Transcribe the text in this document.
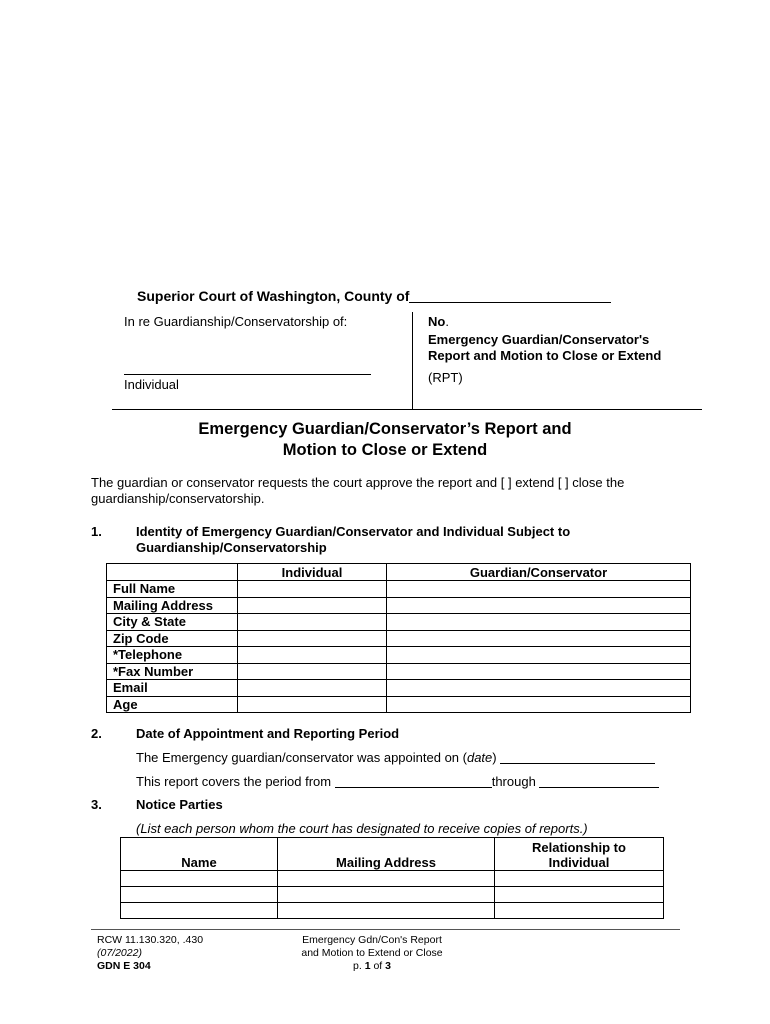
Superior Court of Washington, County of
In re Guardianship/Conservatorship of:
Individual
No.
Emergency Guardian/Conservator's Report and Motion to Close or Extend
(RPT)
Emergency Guardian/Conservator’s Report and
Motion to Close or Extend
The guardian or conservator requests the court approve the report and [ ] extend [ ] close the
guardianship/conservatorship.
1.	Identity of Emergency Guardian/Conservator and Individual Subject to
Guardianship/Conservatorship
	Individual	Guardian/Conservator
Full Name		
Mailing Address		
City & State		
Zip Code		
*Telephone		
*Fax Number		
Email		
Age		
2.	Date of Appointment and Reporting Period
The Emergency guardian/conservator was appointed on (date)
This report covers the period from	through
3.	Notice Parties
(List each person whom the court has designated to receive copies of reports.)
Name	Mailing Address	Relationship to Individual

RCW 11.130.320, .430
(07/2022)
GDN E 304
Emergency Gdn/Con's Report
and Motion to Extend or Close
p. 1 of 3
